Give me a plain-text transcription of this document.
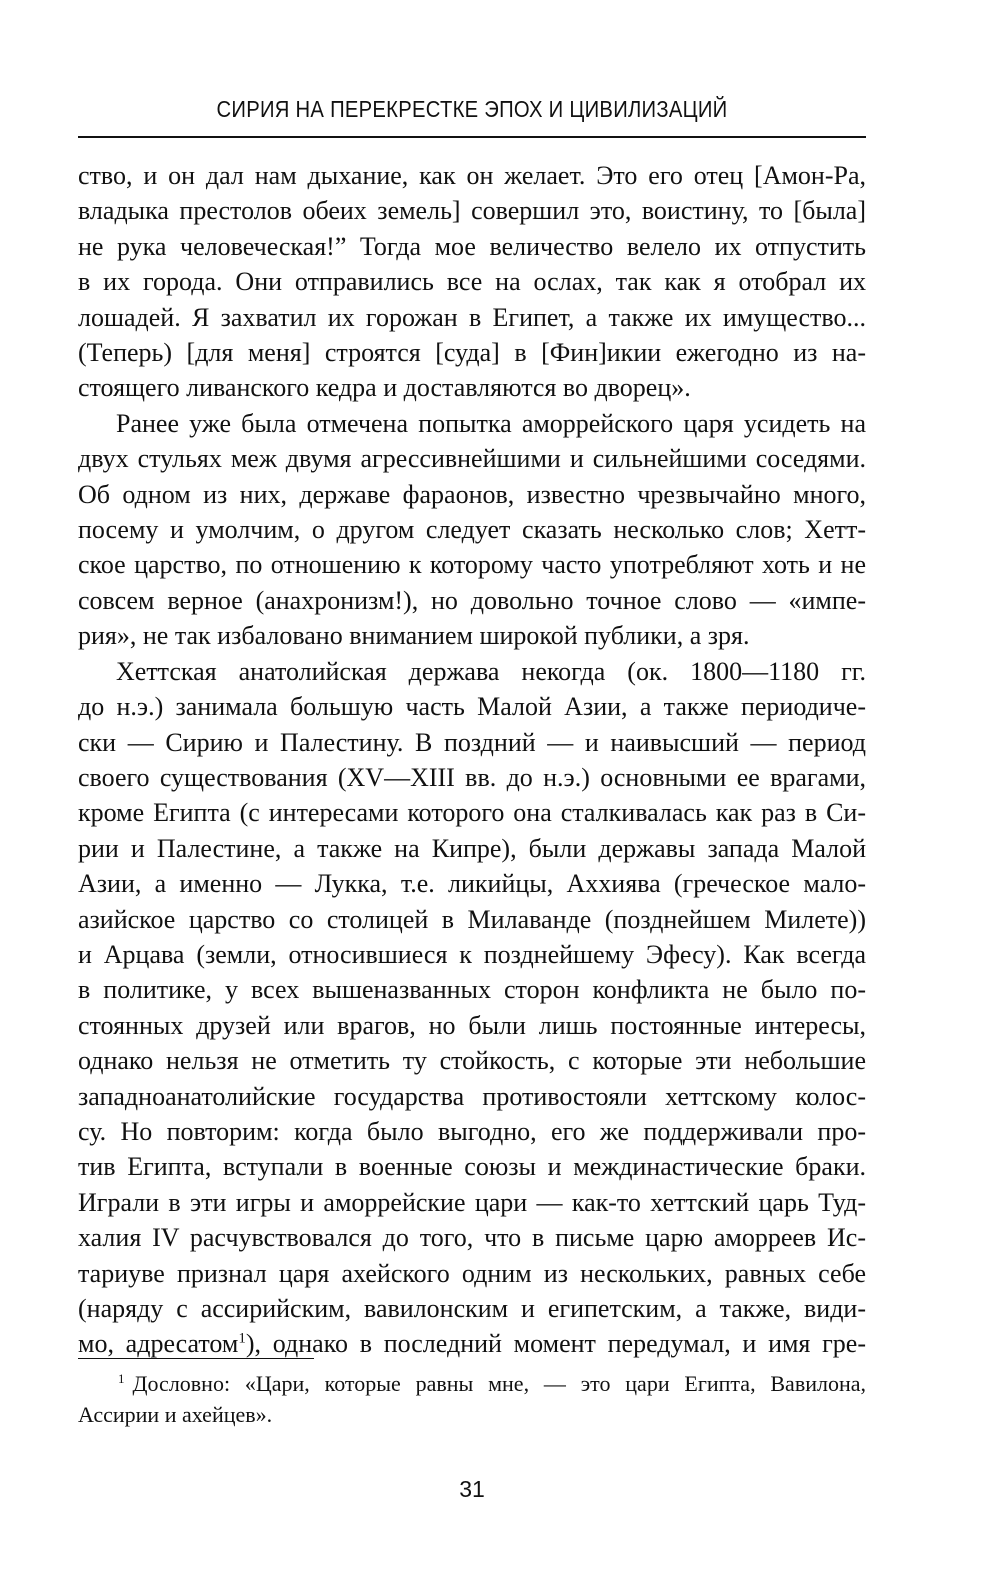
СИРИЯ НА ПЕРЕКРЕСТКЕ ЭПОХ И ЦИВИЛИЗАЦИЙ

ство, и он дал нам дыхание, как он желает. Это его отец [Амон-Ра,
владыка престолов обеих земель] совершил это, воистину, то [была]
не рука человеческая!” Тогда мое величество велело их отпустить
в их города. Они отправились все на ослах, так как я отобрал их
лошадей. Я захватил их горожан в Египет, а также их имущество...
(Теперь) [для меня] строятся [суда] в [Фин]икии ежегодно из на-
стоящего ливанского кедра и доставляются во дворец».

Ранее уже была отмечена попытка аморрейского царя усидеть на
двух стульях меж двумя агрессивнейшими и сильнейшими соседями.
Об одном из них, державе фараонов, известно чрезвычайно много,
посему и умолчим, о другом следует сказать несколько слов; Хетт-
ское царство, по отношению к которому часто употребляют хоть и не
совсем верное (анахронизм!), но довольно точное слово — «импе-
рия», не так избаловано вниманием широкой публики, а зря.

Хеттская анатолийская держава некогда (ок. 1800—1180 гг.
до н.э.) занимала большую часть Малой Азии, а также периодиче-
ски — Сирию и Палестину. В поздний — и наивысший — период
своего существования (XV—XIII вв. до н.э.) основными ее врагами,
кроме Египта (с интересами которого она сталкивалась как раз в Си-
рии и Палестине, а также на Кипре), были державы запада Малой
Азии, а именно — Лукка, т.е. ликийцы, Аххиява (греческое мало-
азийское царство со столицей в Милаванде (позднейшем Милете))
и Арцава (земли, относившиеся к позднейшему Эфесу). Как всегда
в политике, у всех вышеназванных сторон конфликта не было по-
стоянных друзей или врагов, но были лишь постоянные интересы,
однако нельзя не отметить ту стойкость, с которые эти небольшие
западноанатолийские государства противостояли хеттскому колос-
су. Но повторим: когда было выгодно, его же поддерживали про-
тив Египта, вступали в военные союзы и междинастические браки.
Играли в эти игры и аморрейские цари — как-то хеттский царь Туд-
халия IV расчувствовался до того, что в письме царю аморреев Ис-
тариуве признал царя ахейского одним из нескольких, равных себе
(наряду с ассирийским, вавилонским и египетским, а также, види-
мо, адресатом$^1$), однако в последний момент передумал, и имя гре-

$^1$ Дословно: «Цари, которые равны мне, — это цари Египта, Вавилона,
Ассирии и ахейцев».
31
